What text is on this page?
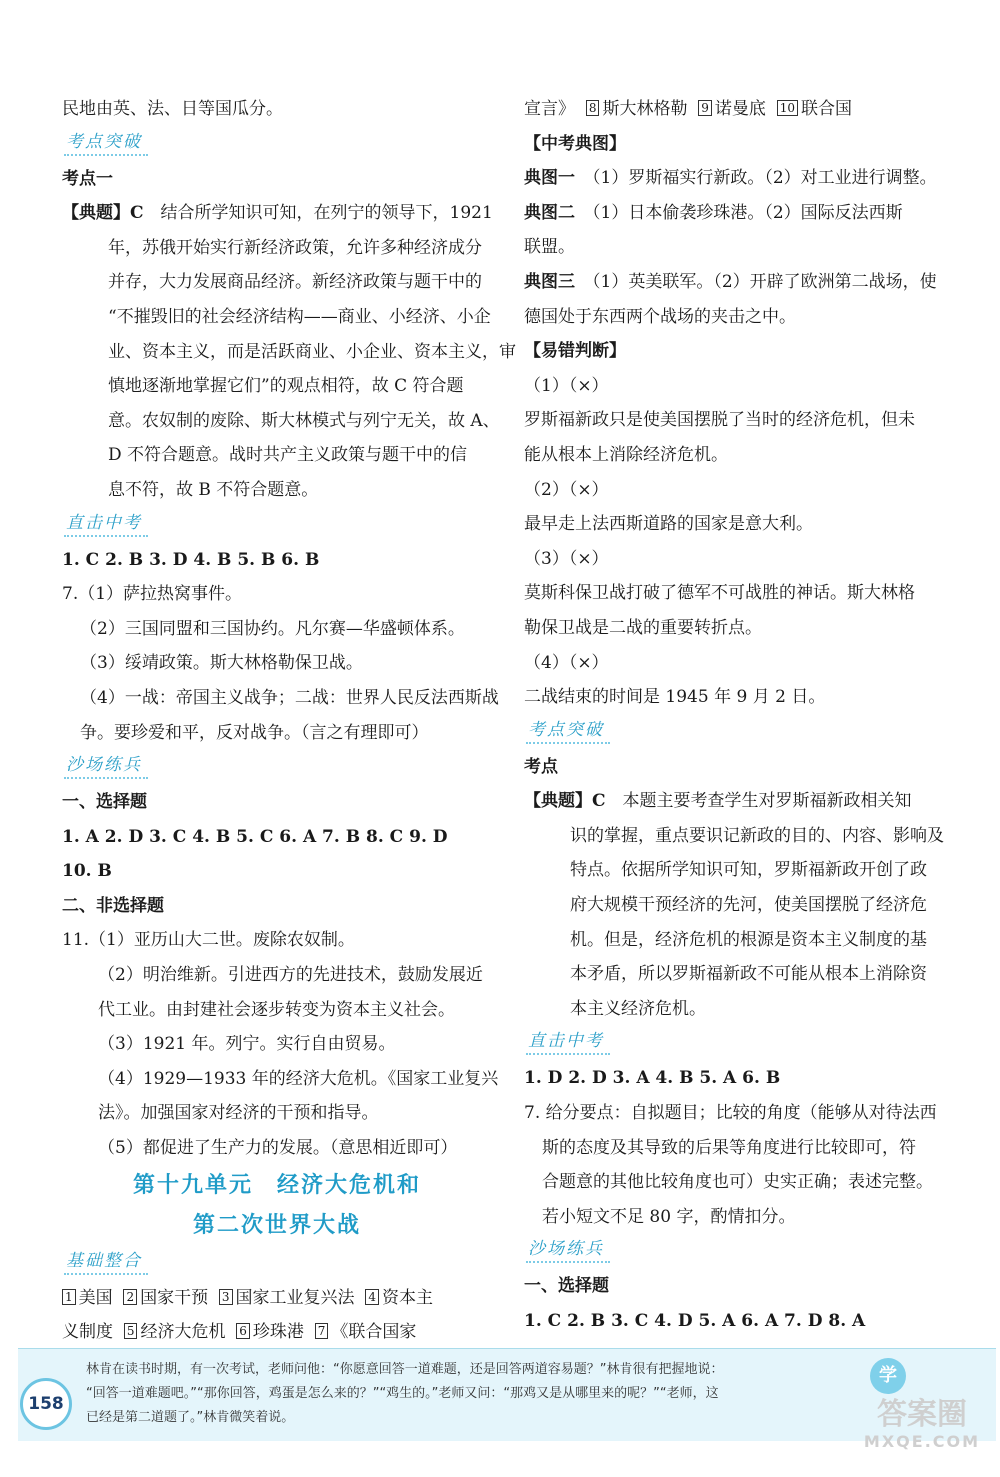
民地由英、法、日等国瓜分。
考点突破
考点一
【典题】C　 结合所学知识可知，在列宁的领导下，1921
年，苏俄开始实行新经济政策，允许多种经济成分
并存，大力发展商品经济。新经济政策与题干中的
“不摧毁旧的社会经济结构——商业、小经济、小企
业、资本主义，而是活跃商业、小企业、资本主义，审
慎地逐渐地掌握它们”的观点相符，故 C 符合题
意。农奴制的废除、斯大林模式与列宁无关，故 A、
D 不符合题意。战时共产主义政策与题干中的信
息不符，故 B 不符合题意。
直击中考
1. C 2. B 3. D 4. B 5. B 6. B
7.（1）萨拉热窝事件。
（2）三国同盟和三国协约。凡尔赛—华盛顿体系。
（3）绥靖政策。斯大林格勒保卫战。
（4）一战：帝国主义战争；二战：世界人民反法西斯战
争。要珍爱和平，反对战争。（言之有理即可）
沙场练兵
一、选择题
1. A 2. D 3. C 4. B 5. C 6. A 7. B 8. C 9. D
10. B
二、非选择题
11.（1）亚历山大二世。废除农奴制。
（2）明治维新。引进西方的先进技术，鼓励发展近
代工业。由封建社会逐步转变为资本主义社会。
（3）1921 年。列宁。实行自由贸易。
（4）1929—1933 年的经济大危机。《国家工业复兴
法》。加强国家对经济的干预和指导。
（5）都促进了生产力的发展。（意思相近即可）
第十九单元　经济大危机和
第二次世界大战
基础整合
1 美国 2 国家干预 3 国家工业复兴法 4 资本主
义制度 5 经济大危机 6 珍珠港 7 《联合国家
宣言》 8 斯大林格勒 9 诺曼底 10 联合国
【中考典图】
典图一　 （1）罗斯福实行新政。（2）对工业进行调整。
典图二　 （1）日本偷袭珍珠港。（2）国际反法西斯
联盟。
典图三　 （1）英美联军。（2）开辟了欧洲第二战场，使
德国处于东西两个战场的夹击之中。
【易错判断】
（1）（×）
罗斯福新政只是使美国摆脱了当时的经济危机，但未
能从根本上消除经济危机。
（2）（×）
最早走上法西斯道路的国家是意大利。
（3）（×）
莫斯科保卫战打破了德军不可战胜的神话。斯大林格
勒保卫战是二战的重要转折点。
（4）（×）
二战结束的时间是 1945 年 9 月 2 日。
考点突破
考点
【典题】C　 本题主要考查学生对罗斯福新政相关知
识的掌握，重点要识记新政的目的、内容、影响及
特点。依据所学知识可知，罗斯福新政开创了政
府大规模干预经济的先河，使美国摆脱了经济危
机。但是，经济危机的根源是资本主义制度的基
本矛盾，所以罗斯福新政不可能从根本上消除资
本主义经济危机。
直击中考
1. D 2. D 3. A 4. B 5. A 6. B
7. 给分要点：自拟题目；比较的角度（能够从对待法西
斯的态度及其导致的后果等角度进行比较即可，符
合题意的其他比较角度也可）史实正确；表述完整。
若小短文不足 80 字，酌情扣分。
沙场练兵
一、选择题
1. C 2. B 3. C 4. D 5. A 6. A 7. D 8. A
158
林肯在读书时期，有一次考试，老师问他：“你愿意回答一道难题，还是回答两道容易题？”林肯很有把握地说：
“回答一道难题吧。”“那你回答，鸡蛋是怎么来的？”“鸡生的。”老师又问：“那鸡又是从哪里来的呢？”“老师，这
已经是第二道题了。”林肯微笑着说。
学
答案圈
MXQE.COM
